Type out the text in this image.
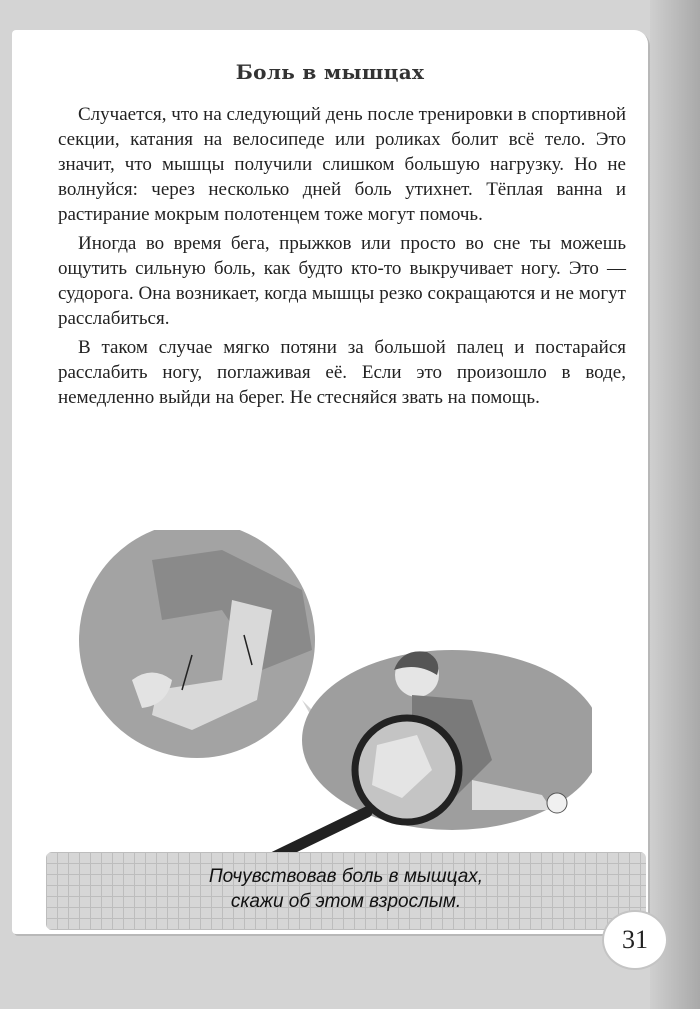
Боль в мышцах

Случается, что на следующий день после тренировки в спортивной секции, катания на велосипеде или роликах болит всё тело. Это значит, что мышцы получили слишком большую нагрузку. Но не волнуйся: через несколько дней боль утихнет. Тёплая ванна и растирание мокрым полотенцем тоже могут помочь.

Иногда во время бега, прыжков или просто во сне ты можешь ощутить сильную боль, как будто кто-то выкручивает ногу. Это — судорога. Она возникает, когда мышцы резко сокращаются и не могут расслабиться.

В таком случае мягко потяни за большой палец и постарайся расслабить ногу, поглаживая её. Если это произошло в воде, немедленно выйди на берег. Не стесняйся звать на помощь.

Почувствовав боль в мышцах,
скажи об этом взрослым.
31
